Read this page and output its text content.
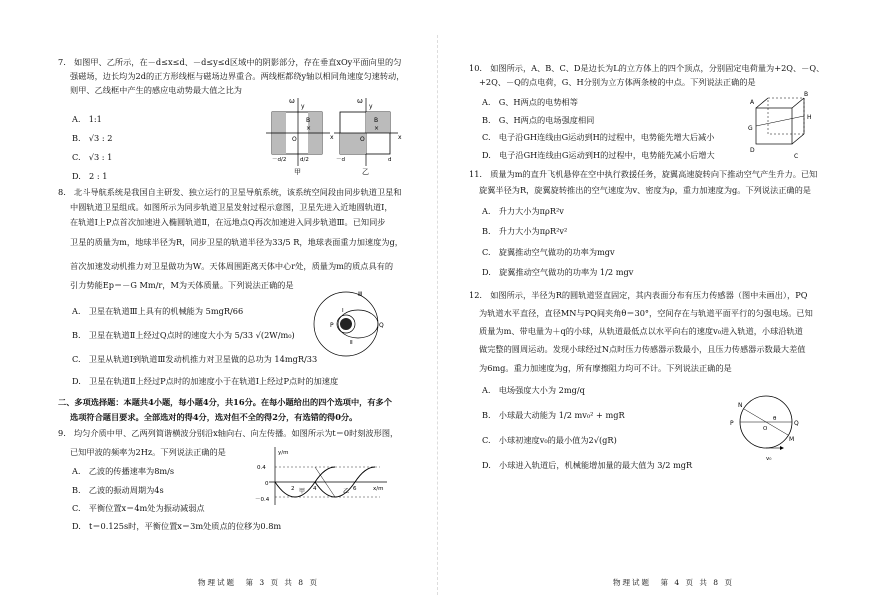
7.　如图甲、乙所示，在－d≤x≤d、－d≤y≤d区域中的阴影部分，存在垂直xOy平面向里的匀
强磁场，边长均为2d的正方形线框与磁场边界重合。两线框都绕y轴以相同角速度匀速转动，
则甲、乙线框中产生的感应电动势最大值之比为
A.　1:1
B.　√3 : 2
C.　√3 : 1
D.　2 : 1
ω
y
B
×
O	x
－d/2 d/2
甲
ω
y
B
×
O	x
－d	d
乙
8.　北斗导航系统是我国自主研发、独立运行的卫星导航系统，该系统空间段由同步轨道卫星和
中圆轨道卫星组成。如图所示为同步轨道卫星发射过程示意图，卫星先进入近地圆轨道Ⅰ，
在轨道Ⅰ上P点首次加速进入椭圆轨道Ⅱ，在远地点Q再次加速进入同步轨道Ⅲ。已知同步
卫星的质量为m，地球半径为R，同步卫星的轨道半径为33/5 R，地球表面重力加速度为g，
首次加速发动机推力对卫星做功为W。天体周围距离天体中心r处，质量为m的质点具有的
引力势能Ep＝－G Mm/r，M为天体质量。下列说法正确的是
A.　卫星在轨道Ⅲ上具有的机械能为 5mgR/66
B.　卫星在轨道Ⅱ上经过Q点时的速度大小为 5/33 √(2W/m₀)
C.　卫星从轨道Ⅰ到轨道Ⅲ发动机推力对卫星做的总功为 14mgR/33
D.　卫星在轨道Ⅱ上经过P点时的加速度小于在轨道Ⅰ上经过P点时的加速度
Ⅲ
Ⅰ
Ⅱ
P	Q
二、多项选择题：本题共4小题，每小题4分，共16分。在每小题给出的四个选项中，有多个
选项符合题目要求。全部选对的得4分，选对但不全的得2分，有选错的得0分。
9.　均匀介质中甲、乙两列简谐横波分别沿x轴向右、向左传播。如图所示为t＝0时刻波形图，
已知甲波的频率为2Hz。下列说法正确的是
A.　乙波的传播速率为8m/s
B.　乙波的振动周期为4s
C.　平衡位置x＝4m处为振动减弱点
D.　t＝0.125s时，平衡位置x＝3m处质点的位移为0.8m
y/m
0.4
0
－0.4
x/m
甲	乙
2	4	6
物理试题　第 3 页 共 8 页
10.　如图所示，A、B、C、D是边长为L的立方体上的四个顶点，分别固定电荷量为+2Q、－Q、
+2Q、－Q的点电荷，G、H分别为立方体两条棱的中点。下列说法正确的是
A.　G、H两点的电势相等
B.　G、H两点的电场强度相同
C.　电子沿GH连线由G运动到H的过程中，电势能先增大后减小
D.　电子沿GH连线由G运动到H的过程中，电势能先减小后增大
A
B
G
H
D
C
11.　质量为m的直升飞机悬停在空中执行救援任务，旋翼高速旋转向下推动空气产生升力。已知
旋翼半径为R，旋翼旋转推出的空气速度为v、密度为ρ，重力加速度为g。下列说法正确的是
A.　升力大小为πρR²v
B.　升力大小为πρR²v²
C.　旋翼推动空气做功的功率为mgv
D.　旋翼推动空气做功的功率为 1/2 mgv
12.　如图所示，半径为R的圆轨道竖直固定，其内表面分布有压力传感器（图中未画出），PQ
为轨道水平直径，直径MN与PQ间夹角θ＝30°，空间存在与轨道平面平行的匀强电场。已知
质量为m、带电量为＋q的小球，从轨道最低点以水平向右的速度v₀进入轨道，小球沿轨道
做完整的圆周运动。发现小球经过N点时压力传感器示数最小，且压力传感器示数最大差值
为6mg。重力加速度为g，所有摩擦阻力均可不计。下列说法正确的是
A.　电场强度大小为 2mg/q
B.　小球最大动能为 1/2 mv₀² + mgR
C.　小球初速度v₀的最小值为2√(gR)
D.　小球进入轨道后，机械能增加量的最大值为 3/2 mgR
N
P
O
θ
Q
M
v₀
物理试题　第 4 页 共 8 页
